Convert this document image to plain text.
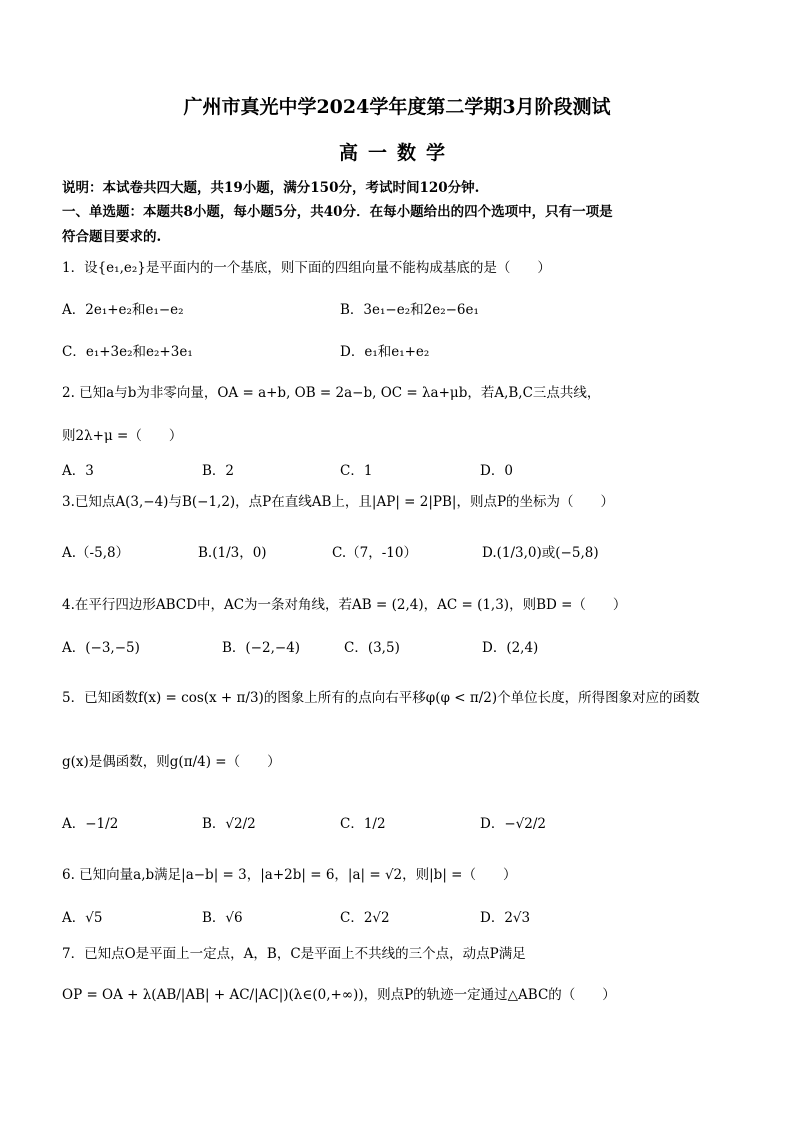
广州市真光中学2024学年度第二学期3月阶段测试
高一数学
说明：本试卷共四大题，共19小题，满分150分，考试时间120分钟.
一、单选题：本题共8小题，每小题5分，共40分．在每小题给出的四个选项中，只有一项是
符合题目要求的.
1．设{e₁,e₂}是平面内的一个基底，则下面的四组向量不能构成基底的是（　　）
A．2e₁+e₂和e₁−e₂	B．3e₁−e₂和2e₂−6e₁
C．e₁+3e₂和e₂+3e₁	D．e₁和e₁+e₂
2. 已知a与b为非零向量，OA = a+b, OB = 2a−b, OC = λa+μb，若A,B,C三点共线，
则2λ+μ =（　　）
A．3	B．2	C．1	D．0
3.已知点A(3,−4)与B(−1,2)，点P在直线AB上，且|AP| = 2|PB|，则点P的坐标为（　　）
A.（-5,8）	B.(1/3，0)	C.（7，-10）	D.(1/3,0)或(−5,8)
4.在平行四边形ABCD中，AC为一条对角线，若AB = (2,4)，AC = (1,3)，则BD =（　　）
A．(−3,−5)	B．(−2,−4)	C．(3,5)	D．(2,4)
5．已知函数f(x) = cos(x + π/3)的图象上所有的点向右平移φ(φ < π/2)个单位长度，所得图象对应的函数
g(x)是偶函数，则g(π/4) =（　　）
A．−1/2	B．√2/2	C．1/2	D．−√2/2
6. 已知向量a,b满足|a−b| = 3，|a+2b| = 6，|a| = √2，则|b| =（　　）
A．√5	B．√6	C．2√2	D．2√3
7．已知点O是平面上一定点，A，B，C是平面上不共线的三个点，动点P满足
OP = OA + λ(AB/|AB| + AC/|AC|)(λ∈(0,+∞))，则点P的轨迹一定通过△ABC的（　　）
